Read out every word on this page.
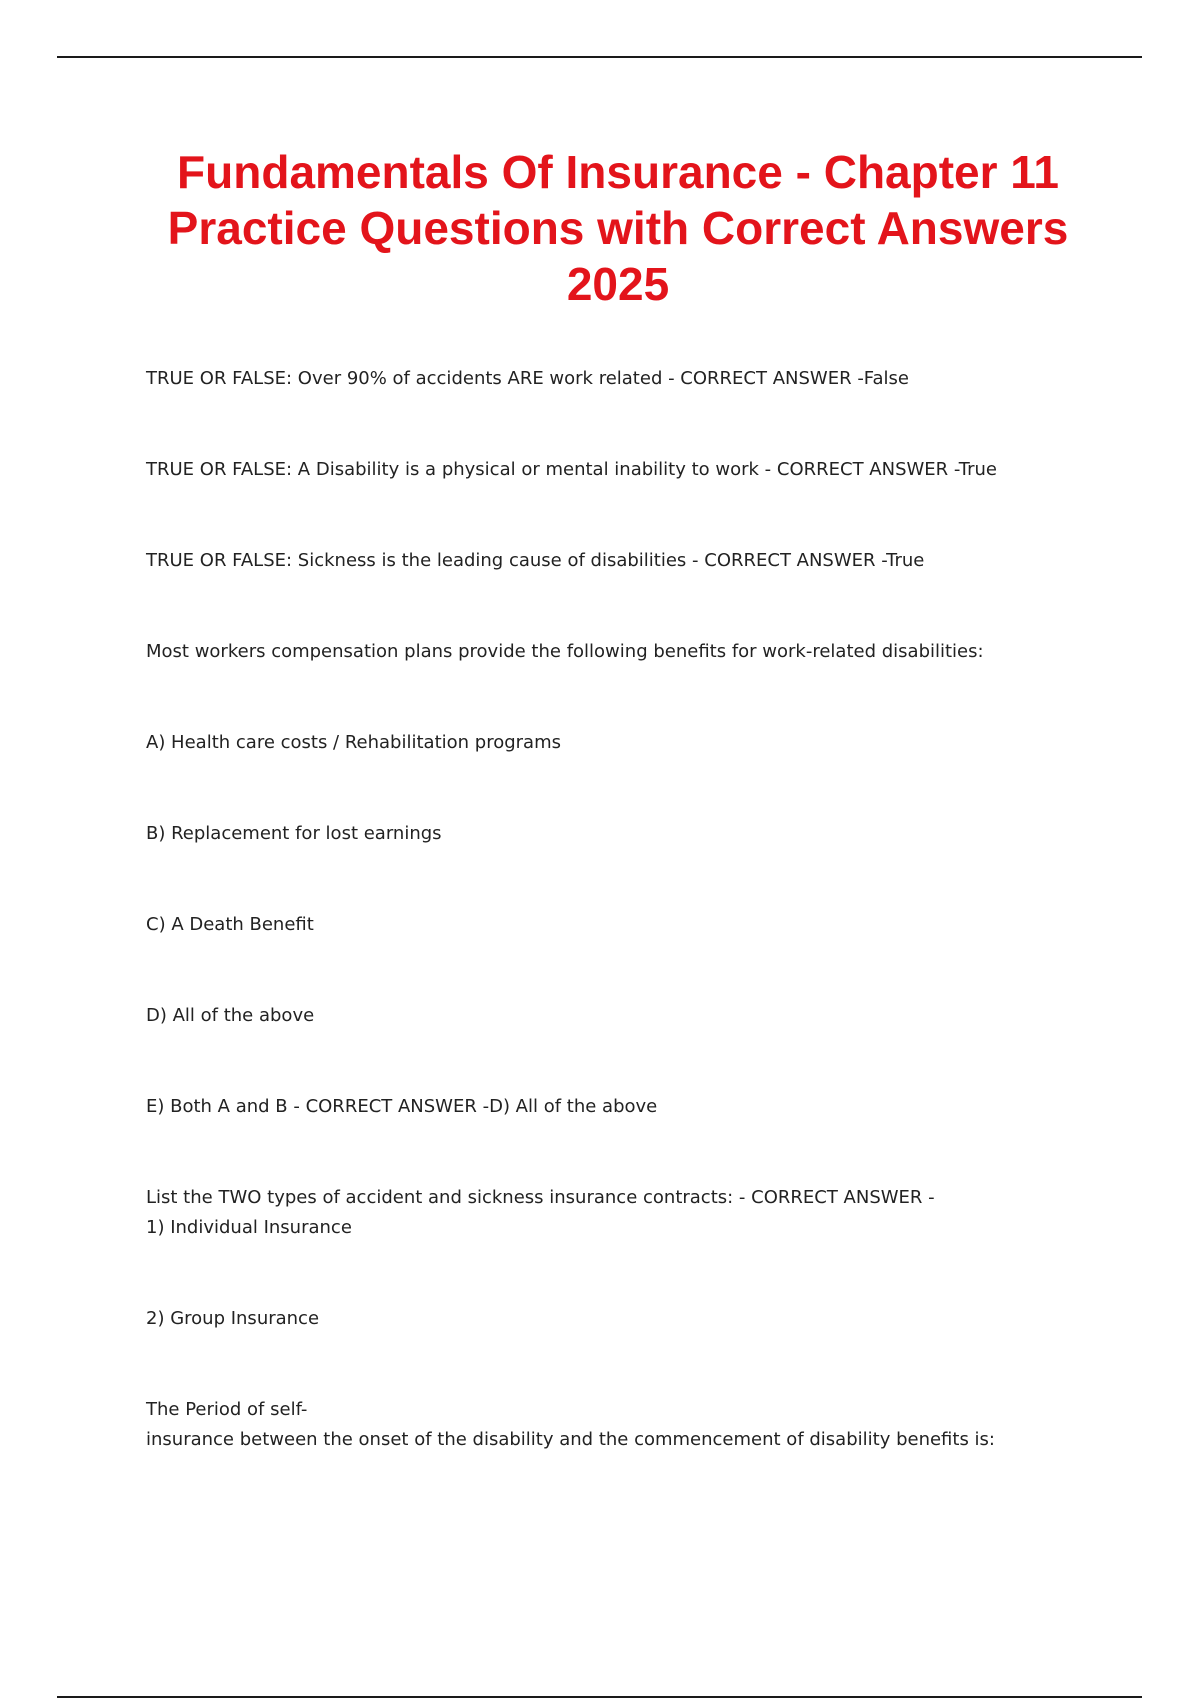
Fundamentals Of Insurance - Chapter 11 Practice Questions with Correct Answers 2025

TRUE OR FALSE: Over 90% of accidents ARE work related - CORRECT ANSWER -False

TRUE OR FALSE: A Disability is a physical or mental inability to work - CORRECT ANSWER -True

TRUE OR FALSE: Sickness is the leading cause of disabilities - CORRECT ANSWER -True

Most workers compensation plans provide the following benefits for work-related disabilities:

A) Health care costs / Rehabilitation programs

B) Replacement for lost earnings

C) A Death Benefit

D) All of the above

E) Both A and B - CORRECT ANSWER -D) All of the above

List the TWO types of accident and sickness insurance contracts: - CORRECT ANSWER -
1) Individual Insurance

2) Group Insurance

The Period of self-
insurance between the onset of the disability and the commencement of disability benefits is:
